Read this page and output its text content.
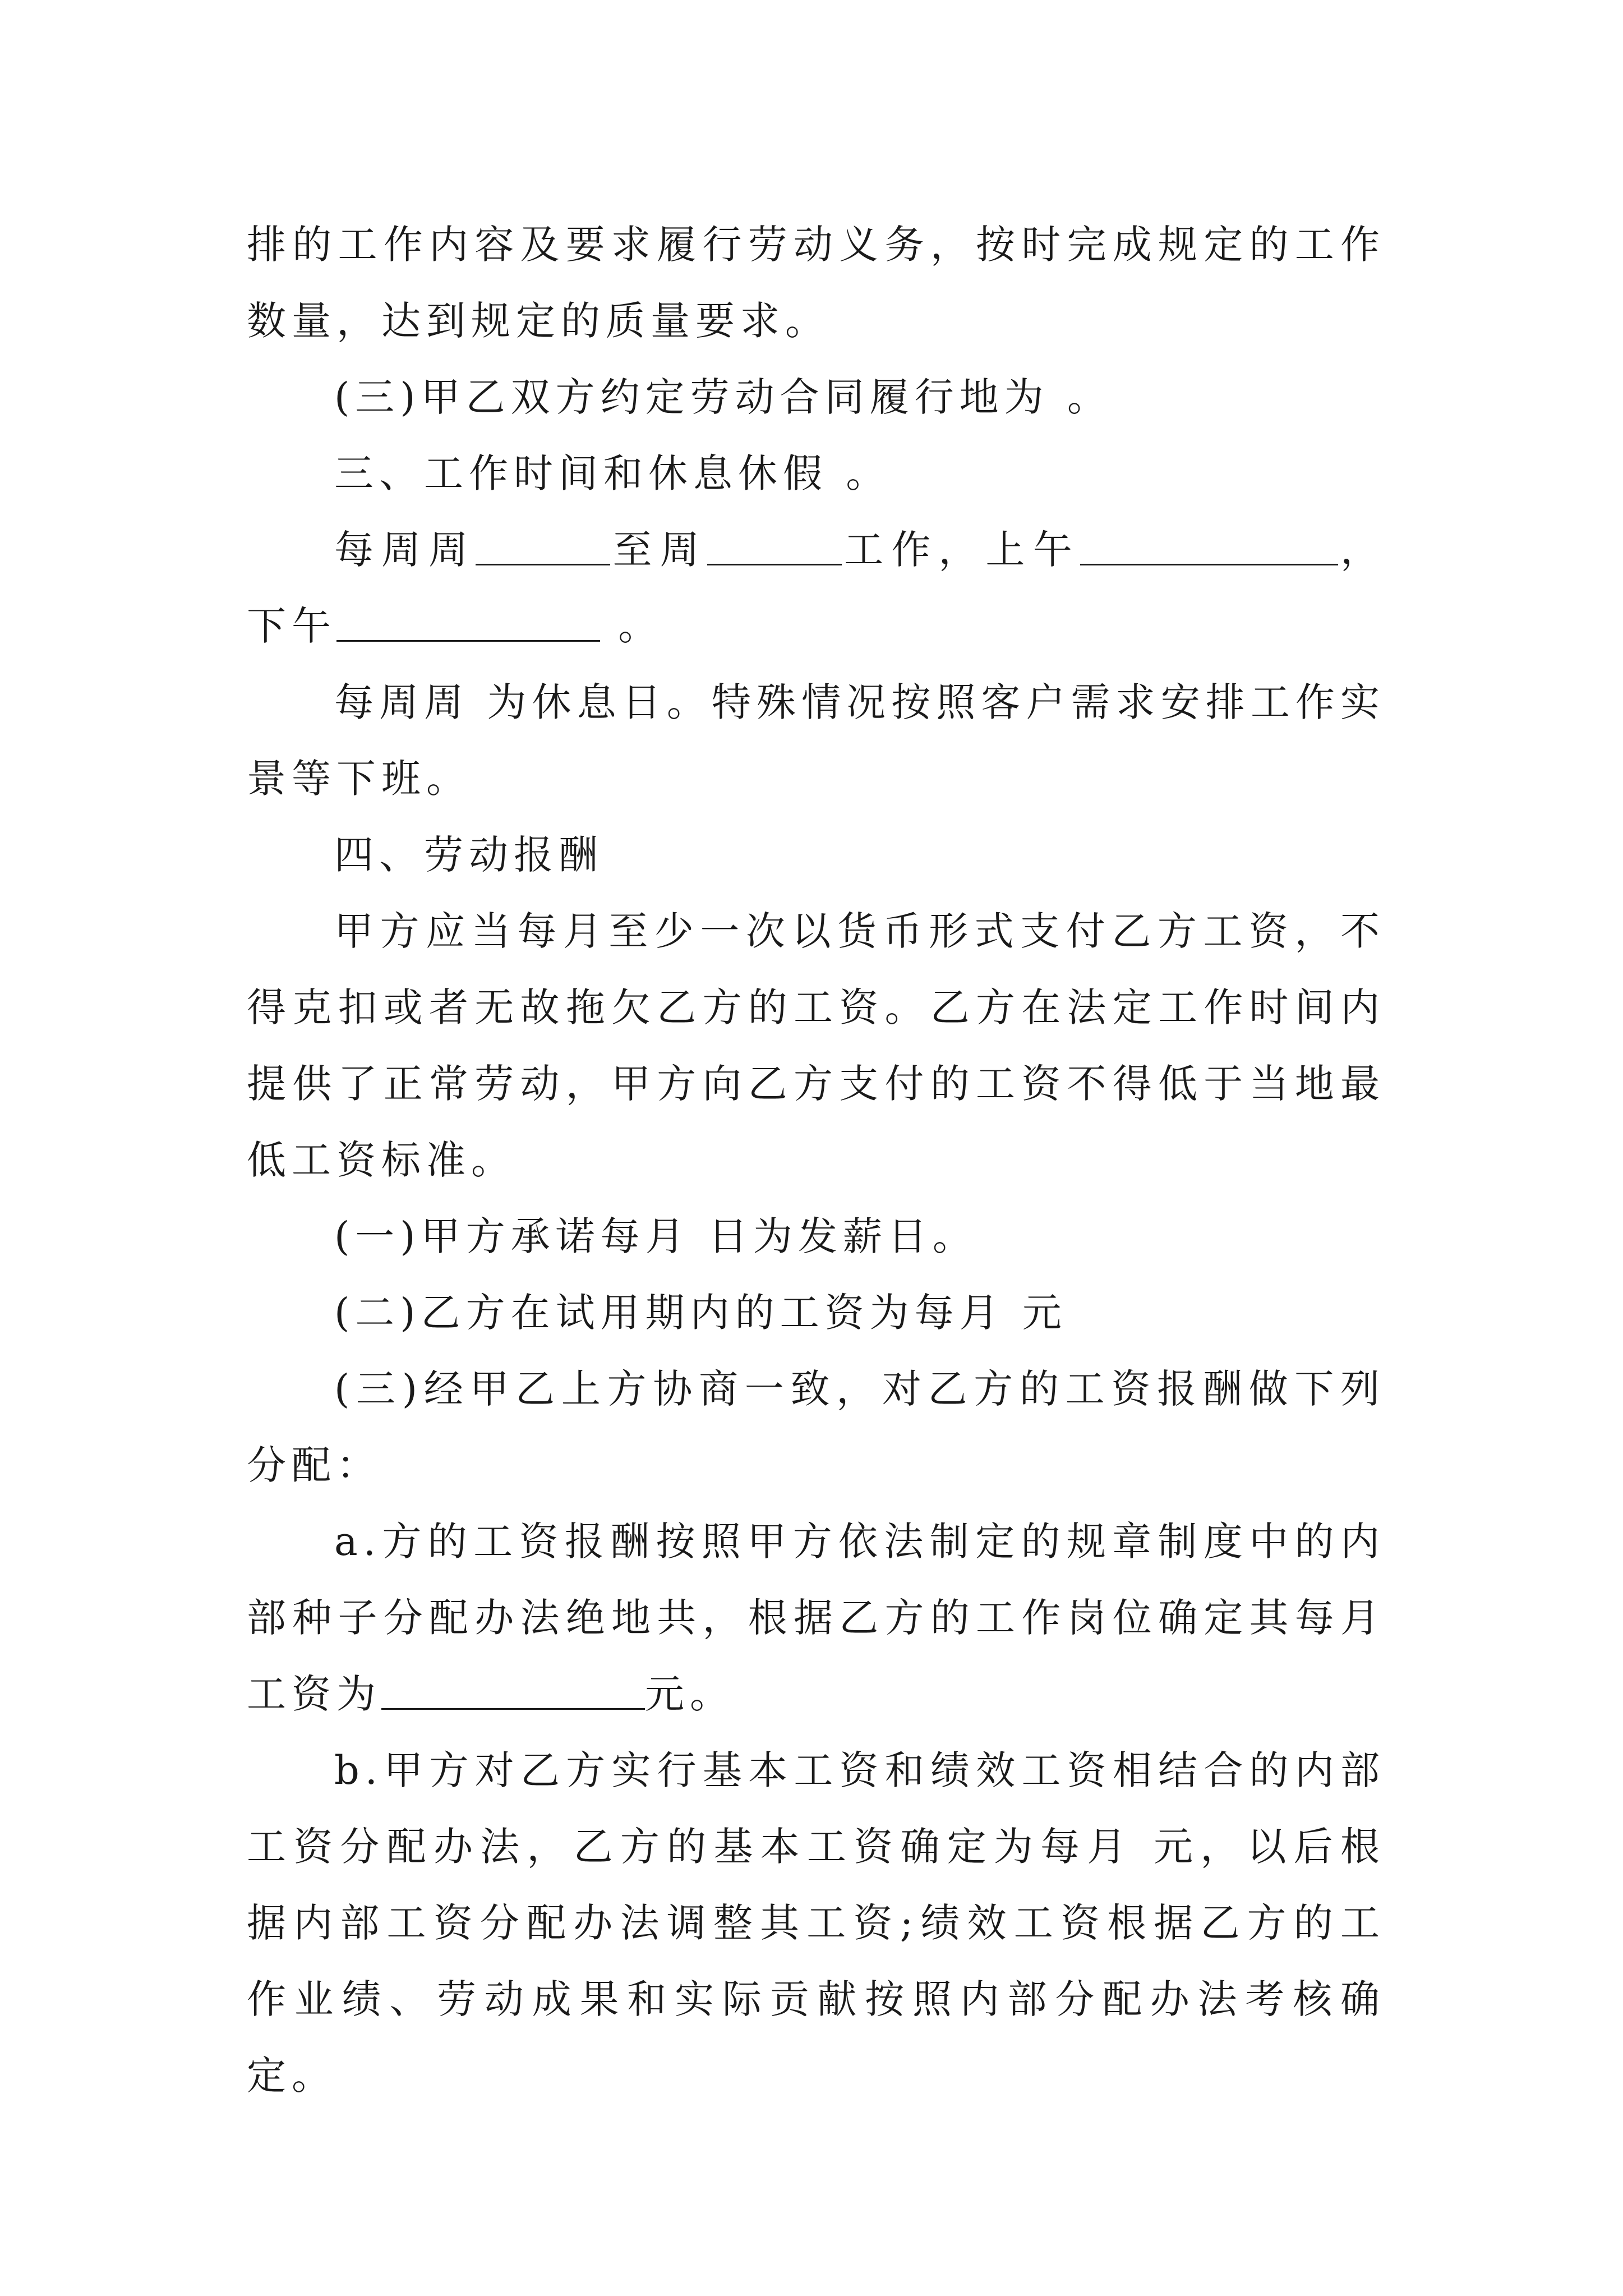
排的工作内容及要求履行劳动义务，按时完成规定的工作数量，达到规定的质量要求。

(三)甲乙双方约定劳动合同履行地为 。

三、工作时间和休息休假 。

每周周	至周	工作，上午	，下午	。

每周周 为休息日。特殊情况按照客户需求安排工作实景等下班。

四、劳动报酬

甲方应当每月至少一次以货币形式支付乙方工资，不得克扣或者无故拖欠乙方的工资。乙方在法定工作时间内提供了正常劳动，甲方向乙方支付的工资不得低于当地最低工资标准。

(一)甲方承诺每月 日为发薪日。

(二)乙方在试用期内的工资为每月 元

(三)经甲乙上方协商一致，对乙方的工资报酬做下列分配：

a.方的工资报酬按照甲方依法制定的规章制度中的内部种子分配办法绝地共，根据乙方的工作岗位确定其每月工资为	元。

b.甲方对乙方实行基本工资和绩效工资相结合的内部工资分配办法，乙方的基本工资确定为每月 元，以后根据内部工资分配办法调整其工资;绩效工资根据乙方的工作业绩、劳动成果和实际贡献按照内部分配办法考核确定。
